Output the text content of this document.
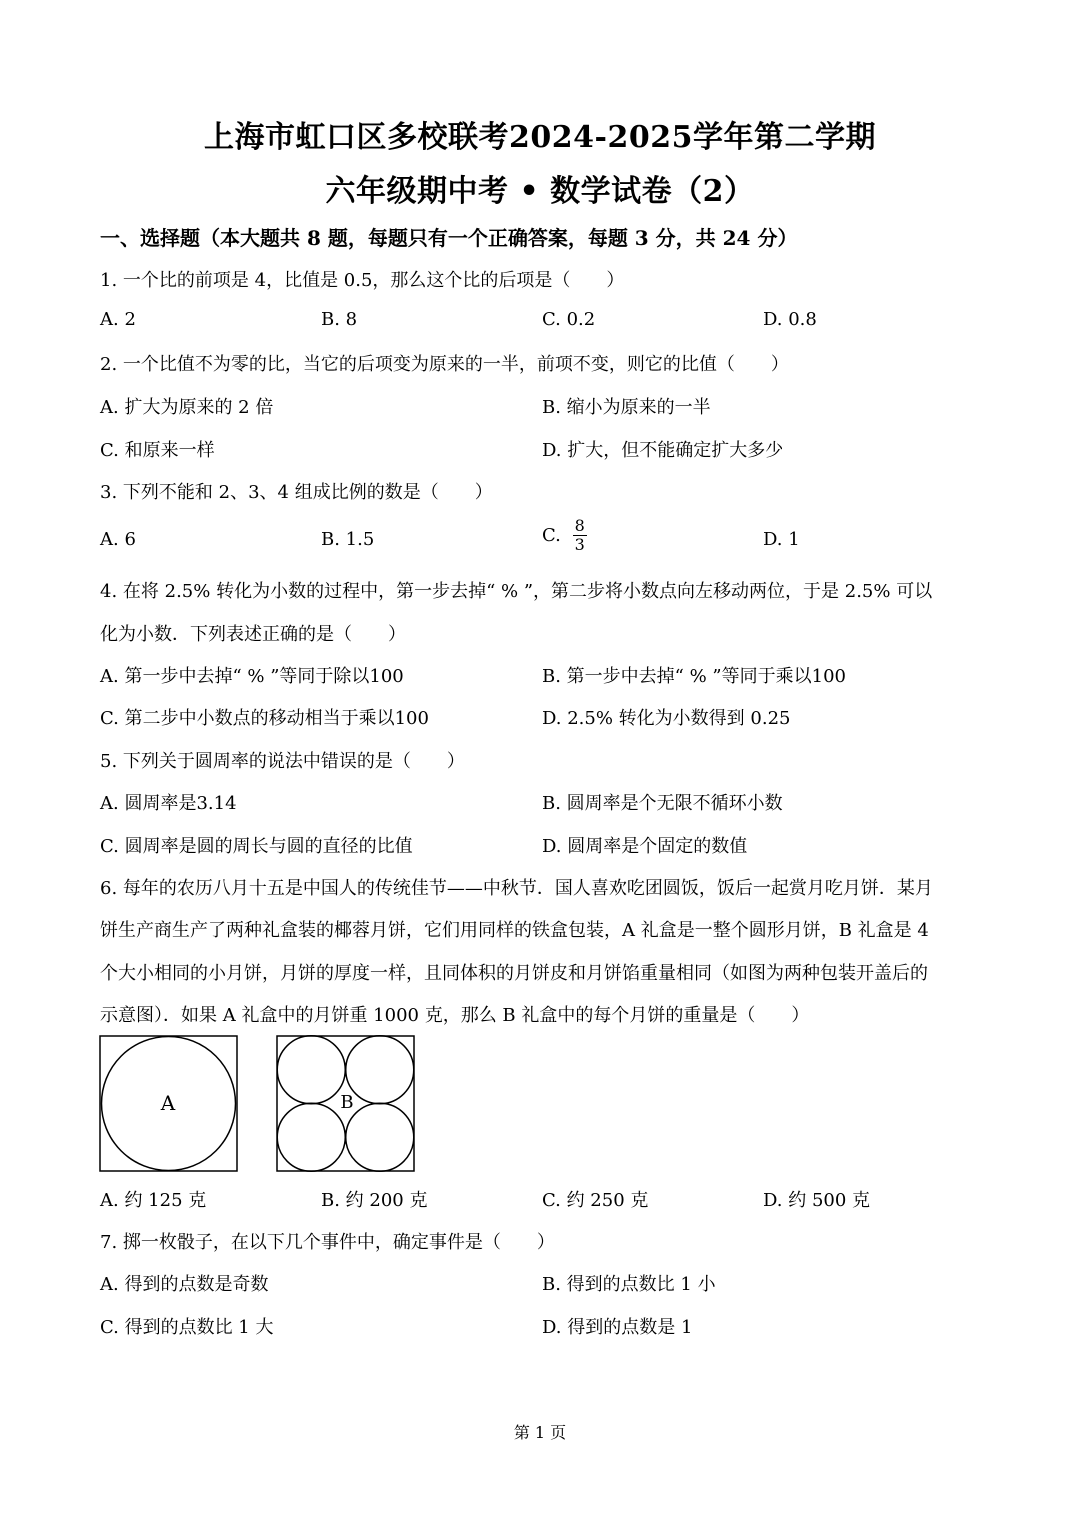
上海市虹口区多校联考2024-2025学年第二学期
六年级期中考 • 数学试卷（2）
一、选择题（本大题共 8 题，每题只有一个正确答案，每题 3 分，共 24 分）
1. 一个比的前项是 4，比值是 0.5，那么这个比的后项是（　　）
A. 2	B. 8	C. 0.2	D. 0.8
2. 一个比值不为零的比，当它的后项变为原来的一半，前项不变，则它的比值（　　）
A. 扩大为原来的 2 倍	B. 缩小为原来的一半
C. 和原来一样	D. 扩大，但不能确定扩大多少
3. 下列不能和 2、3、4 组成比例的数是（　　）
A. 6	B. 1.5	C. $\frac{8}{3}$	D. 1
4. 在将 2.5% 转化为小数的过程中，第一步去掉“ % ”，第二步将小数点向左移动两位，于是 2.5% 可以
化为小数．下列表述正确的是（　　）
A. 第一步中去掉“ % ”等同于除以100	B. 第一步中去掉“ % ”等同于乘以100
C. 第二步中小数点的移动相当于乘以100	D. 2.5% 转化为小数得到 0.25
5. 下列关于圆周率的说法中错误的是（　　）
A. 圆周率是3.14	B. 圆周率是个无限不循环小数
C. 圆周率是圆的周长与圆的直径的比值	D. 圆周率是个固定的数值
6. 每年的农历八月十五是中国人的传统佳节——中秋节．国人喜欢吃团圆饭，饭后一起赏月吃月饼．某月
饼生产商生产了两种礼盒装的椰蓉月饼，它们用同样的铁盒包装，A 礼盒是一整个圆形月饼，B 礼盒是 4
个大小相同的小月饼，月饼的厚度一样，且同体积的月饼皮和月饼馅重量相同（如图为两种包装开盖后的
示意图）．如果 A 礼盒中的月饼重 1000 克，那么 B 礼盒中的每个月饼的重量是（　　）
A	B
A. 约 125 克	B. 约 200 克	C. 约 250 克	D. 约 500 克
7. 掷一枚骰子，在以下几个事件中，确定事件是（　　）
A. 得到的点数是奇数	B. 得到的点数比 1 小
C. 得到的点数比 1 大	D. 得到的点数是 1
第 1 页
